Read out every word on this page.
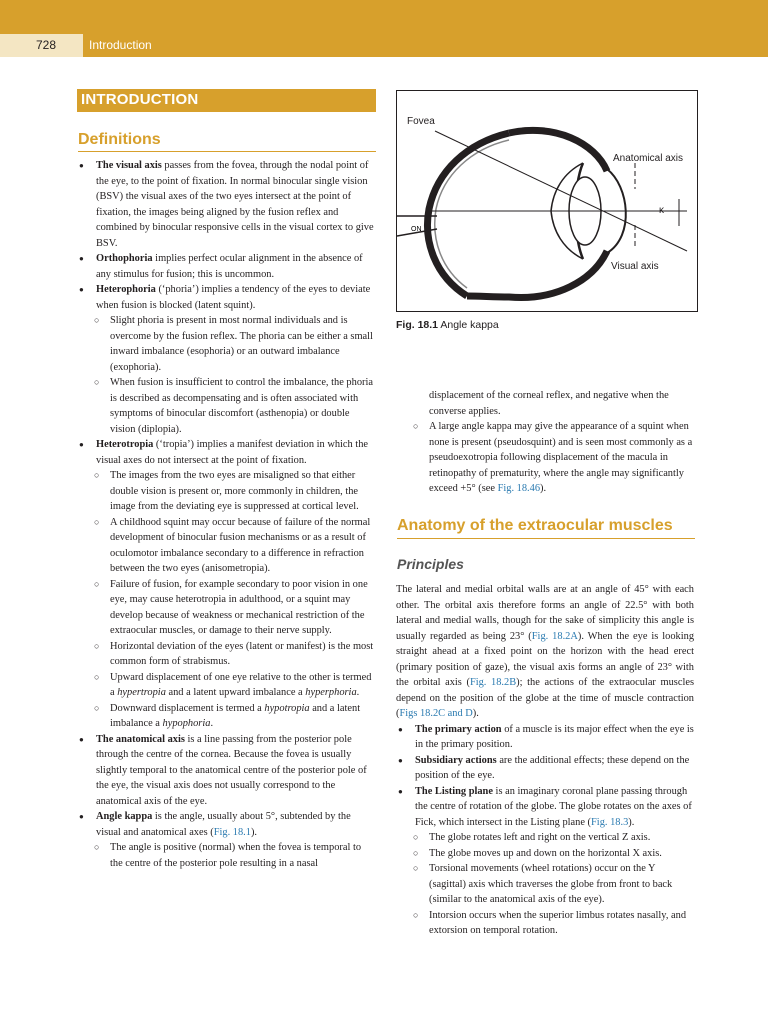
728	Introduction
INTRODUCTION
Definitions

● The visual axis passes from the fovea, through the nodal point of the eye, to the point of fixation. In normal binocular single vision (BSV) the visual axes of the two eyes intersect at the point of fixation, the images being aligned by the fusion reflex and combined by binocular responsive cells in the visual cortex to give BSV.

● Orthophoria implies perfect ocular alignment in the absence of any stimulus for fusion; this is uncommon.

● Heterophoria (‘phoria’) implies a tendency of the eyes to deviate when fusion is blocked (latent squint).

○ Slight phoria is present in most normal individuals and is overcome by the fusion reflex. The phoria can be either a small inward imbalance (esophoria) or an outward imbalance (exophoria).

○ When fusion is insufficient to control the imbalance, the phoria is described as decompensating and is often associated with symptoms of binocular discomfort (asthenopia) or double vision (diplopia).

● Heterotropia (‘tropia’) implies a manifest deviation in which the visual axes do not intersect at the point of fixation.

○ The images from the two eyes are misaligned so that either double vision is present or, more commonly in children, the image from the deviating eye is suppressed at cortical level.

○ A childhood squint may occur because of failure of the normal development of binocular fusion mechanisms or as a result of oculomotor imbalance secondary to a difference in refraction between the two eyes (anisometropia).

○ Failure of fusion, for example secondary to poor vision in one eye, may cause heterotropia in adulthood, or a squint may develop because of weakness or mechanical restriction of the extraocular muscles, or damage to their nerve supply.

○ Horizontal deviation of the eyes (latent or manifest) is the most common form of strabismus.

○ Upward displacement of one eye relative to the other is termed a hypertropia and a latent upward imbalance a hyperphoria.

○ Downward displacement is termed a hypotropia and a latent imbalance a hypophoria.

● The anatomical axis is a line passing from the posterior pole through the centre of the cornea. Because the fovea is usually slightly temporal to the anatomical centre of the posterior pole of the eye, the visual axis does not usually correspond to the anatomical axis of the eye.

● Angle kappa is the angle, usually about 5°, subtended by the visual and anatomical axes (Fig. 18.1).

○ The angle is positive (normal) when the fovea is temporal to the centre of the posterior pole resulting in a nasal

ON
Fovea
Anatomical axis
Visual axis
κ
Fig. 18.1 Angle kappa

displacement of the corneal reflex, and negative when the converse applies.

○ A large angle kappa may give the appearance of a squint when none is present (pseudosquint) and is seen most commonly as a pseudoexotropia following displacement of the macula in retinopathy of prematurity, where the angle may significantly exceed +5° (see Fig. 18.46).

Anatomy of the extraocular muscles
Principles

The lateral and medial orbital walls are at an angle of 45° with each other. The orbital axis therefore forms an angle of 22.5° with both lateral and medial walls, though for the sake of simplicity this angle is usually regarded as being 23° (Fig. 18.2A). When the eye is looking straight ahead at a fixed point on the horizon with the head erect (primary position of gaze), the visual axis forms an angle of 23° with the orbital axis (Fig. 18.2B); the actions of the extraocular muscles depend on the position of the globe at the time of muscle contraction (Figs 18.2C and D).

● The primary action of a muscle is its major effect when the eye is in the primary position.

● Subsidiary actions are the additional effects; these depend on the position of the eye.

● The Listing plane is an imaginary coronal plane passing through the centre of rotation of the globe. The globe rotates on the axes of Fick, which intersect in the Listing plane (Fig. 18.3).

○ The globe rotates left and right on the vertical Z axis.

○ The globe moves up and down on the horizontal X axis.

○ Torsional movements (wheel rotations) occur on the Y (sagittal) axis which traverses the globe from front to back (similar to the anatomical axis of the eye).

○ Intorsion occurs when the superior limbus rotates nasally, and extorsion on temporal rotation.
